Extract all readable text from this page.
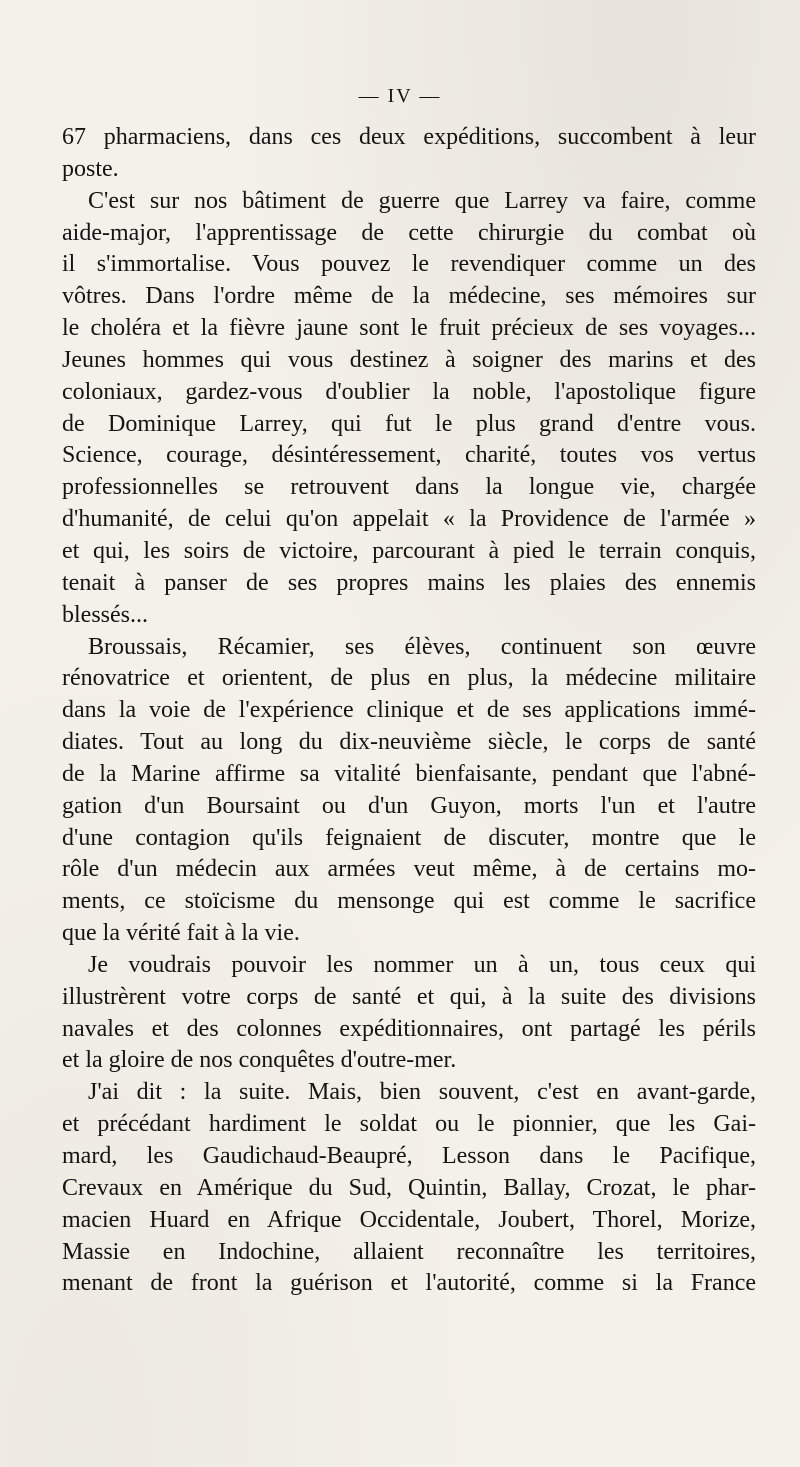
— IV —
67 pharmaciens, dans ces deux expéditions, succombent à leur
poste.
C'est sur nos bâtiment de guerre que Larrey va faire, comme
aide-major, l'apprentissage de cette chirurgie du combat où
il s'immortalise. Vous pouvez le revendiquer comme un des
vôtres. Dans l'ordre même de la médecine, ses mémoires sur
le choléra et la fièvre jaune sont le fruit précieux de ses voyages...
Jeunes hommes qui vous destinez à soigner des marins et des
coloniaux, gardez-vous d'oublier la noble, l'apostolique figure
de Dominique Larrey, qui fut le plus grand d'entre vous.
Science, courage, désintéressement, charité, toutes vos vertus
professionnelles se retrouvent dans la longue vie, chargée
d'humanité, de celui qu'on appelait « la Providence de l'armée »
et qui, les soirs de victoire, parcourant à pied le terrain conquis,
tenait à panser de ses propres mains les plaies des ennemis
blessés...
Broussais, Récamier, ses élèves, continuent son œuvre
rénovatrice et orientent, de plus en plus, la médecine militaire
dans la voie de l'expérience clinique et de ses applications immé-
diates. Tout au long du dix-neuvième siècle, le corps de santé
de la Marine affirme sa vitalité bienfaisante, pendant que l'abné-
gation d'un Boursaint ou d'un Guyon, morts l'un et l'autre
d'une contagion qu'ils feignaient de discuter, montre que le
rôle d'un médecin aux armées veut même, à de certains mo-
ments, ce stoïcisme du mensonge qui est comme le sacrifice
que la vérité fait à la vie.
Je voudrais pouvoir les nommer un à un, tous ceux qui
illustrèrent votre corps de santé et qui, à la suite des divisions
navales et des colonnes expéditionnaires, ont partagé les périls
et la gloire de nos conquêtes d'outre-mer.
J'ai dit : la suite. Mais, bien souvent, c'est en avant-garde,
et précédant hardiment le soldat ou le pionnier, que les Gai-
mard, les Gaudichaud-Beaupré, Lesson dans le Pacifique,
Crevaux en Amérique du Sud, Quintin, Ballay, Crozat, le phar-
macien Huard en Afrique Occidentale, Joubert, Thorel, Morize,
Massie en Indochine, allaient reconnaître les territoires,
menant de front la guérison et l'autorité, comme si la France
